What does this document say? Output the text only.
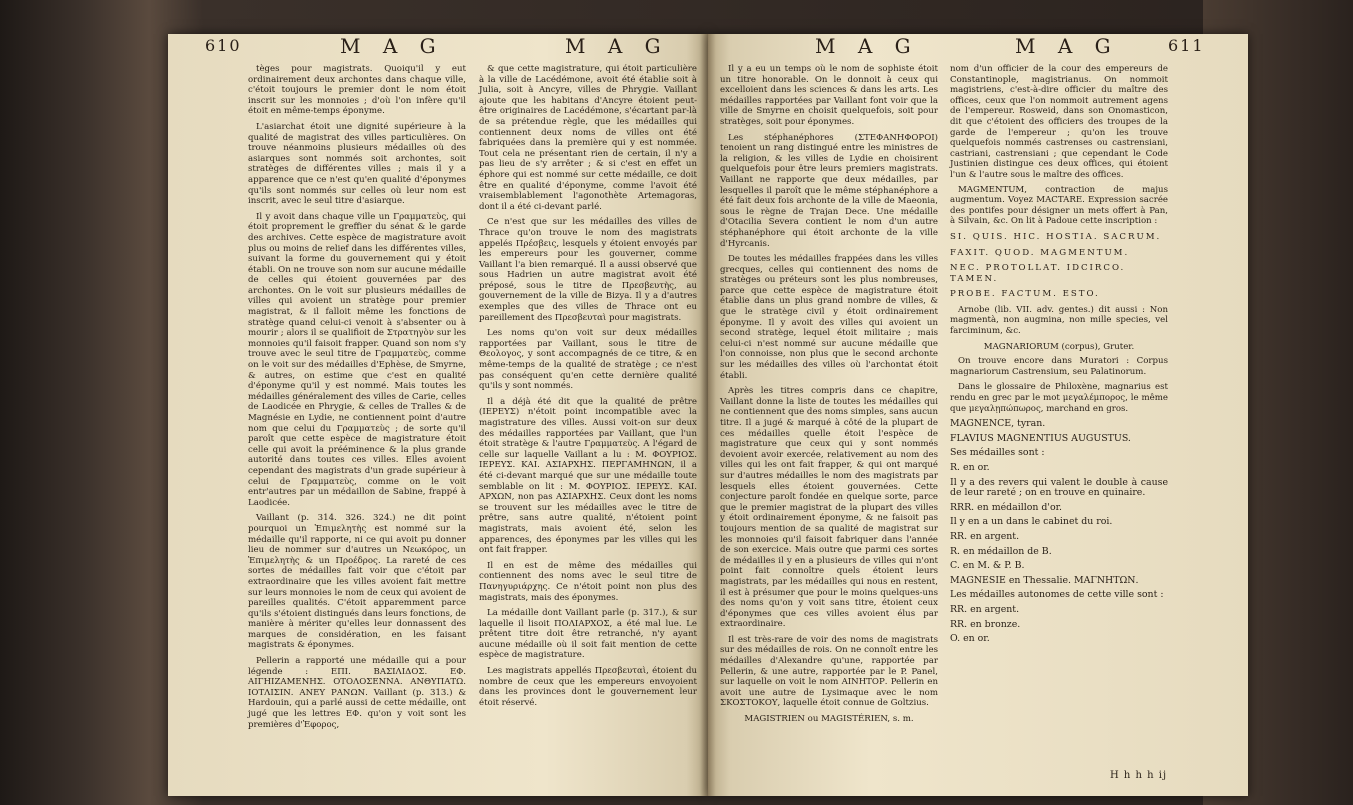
610	M A G	M A G	M A G	M A G	611

tèges pour magistrats. Quoiqu'il y eut ordinairement deux archontes dans chaque ville, c'étoit toujours le premier dont le nom étoit inscrit sur les monnoies ; d'où l'on infère qu'il étoit en même-temps éponyme.

L'asiarchat étoit une dignité supérieure à la qualité de magistrat des villes particulières. On trouve néanmoins plusieurs médailles où des asiarques sont nommés soit archontes, soit stratèges de différentes villes ; mais il y a apparence que ce n'est qu'en qualité d'éponymes qu'ils sont nommés sur celles où leur nom est inscrit, avec le seul titre d'asiarque.

Il y avoit dans chaque ville un Γραμματεὺς, qui étoit proprement le greffier du sénat & le garde des archives. Cette espèce de magistrature avoit plus ou moins de relief dans les différentes villes, suivant la forme du gouvernement qui y étoit établi. On ne trouve son nom sur aucune médaille de celles qui étoient gouvernées par des archontes. On le voit sur plusieurs médailles de villes qui avoient un stratège pour premier magistrat, & il falloit même les fonctions de stratège quand celui-ci venoit à s'absenter ou à mourir ; alors il se qualifioit de Στρατηγὸν sur les monnoies qu'il faisoit frapper. Quand son nom s'y trouve avec le seul titre de Γραμματεὺς, comme on le voit sur des médailles d'Ephèse, de Smyrne, & autres, on estime que c'est en qualité d'éponyme qu'il y est nommé. Mais toutes les médailles généralement des villes de Carie, celles de Laodicée en Phrygie, & celles de Tralles & de Magnésie en Lydie, ne contiennent point d'autre nom que celui du Γραμματεὺς ; de sorte qu'il paroît que cette espèce de magistrature étoit celle qui avoit la prééminence & la plus grande autorité dans toutes ces villes. Elles avoient cependant des magistrats d'un grade supérieur à celui de Γραμματεὺς, comme on le voit entr'autres par un médaillon de Sabine, frappé à Laodicée.

Vaillant (p. 314. 326. 324.) ne dit point pourquoi un Ἐπιμελητὴς est nommé sur la médaille qu'il rapporte, ni ce qui avoit pu donner lieu de nommer sur d'autres un Νεωκόρος, un Ἐπιμελητὴς & un Προέδρος. La rareté de ces sortes de médailles fait voir que c'étoit par extraordinaire que les villes avoient fait mettre sur leurs monnoies le nom de ceux qui avoient de pareilles qualités. C'étoit apparemment parce qu'ils s'étoient distingués dans leurs fonctions, de manière à mériter qu'elles leur donnassent des marques de considération, en les faisant magistrats & éponymes.

Pellerin a rapporté une médaille qui a pour légende : ΕΠΙ. ΒΑΣΙΛΙΔΟΣ. ΕΦ. ΑΙΓΗΙΖΑΜΕΝΗΣ. ΟΤΟΛΟΣΕΝΝΑ. ΑΝΘΥΠΑΤΩ. ΙΟΤΛΙΣΙΝ. ΑΝΕΥ ΡΑΝΩΝ. Vaillant (p. 313.) & Hardouin, qui a parlé aussi de cette médaille, ont jugé que les lettres ΕΦ. qu'on y voit sont les premières d'Ἐφορος,

& que cette magistrature, qui étoit particulière à la ville de Lacédémone, avoit été établie soit à Julia, soit à Ancyre, villes de Phrygie. Vaillant ajoute que les habitans d'Ancyre étoient peut-être originaires de Lacédémone, s'écartant par-là de sa prétendue règle, que les médailles qui contiennent deux noms de villes ont été fabriquées dans la première qui y est nommée. Tout cela ne présentant rien de certain, il n'y a pas lieu de s'y arrêter ; & si c'est en effet un éphore qui est nommé sur cette médaille, ce doit être en qualité d'éponyme, comme l'avoit été vraisemblablement l'agonothète Artemagoras, dont il a été ci-devant parlé.

Ce n'est que sur les médailles des villes de Thrace qu'on trouve le nom des magistrats appelés Πρέσβεις, lesquels y étoient envoyés par les empereurs pour les gouverner, comme Vaillant l'a bien remarqué. Il a aussi observé que sous Hadrien un autre magistrat avoit été préposé, sous le titre de Πρεσβευτὴς, au gouvernement de la ville de Bizya. Il y a d'autres exemples que des villes de Thrace ont eu pareillement des Πρεσβευταὶ pour magistrats.

Les noms qu'on voit sur deux médailles rapportées par Vaillant, sous le titre de Θεολογος, y sont accompagnés de ce titre, & en même-temps de la qualité de stratège ; ce n'est pas conséquent qu'en cette dernière qualité qu'ils y sont nommés.

Il a déjà été dit que la qualité de prêtre (ΙΕΡΕΥΣ) n'étoit point incompatible avec la magistrature des villes. Aussi voit-on sur deux des médailles rapportées par Vaillant, que l'un étoit stratège & l'autre Γραμματεὺς. A l'égard de celle sur laquelle Vaillant a lu : Μ. ΦΟΥΡΙΟΣ. ΙΕΡΕΥΣ. ΚΑΙ. ΑΣΙΑΡΧΗΣ. ΠΕΡΓΑΜΗΝΩΝ, il a été ci-devant marqué que sur une médaille toute semblable on lit : Μ. ΦΟΥΡΙΟΣ. ΙΕΡΕΥΣ. ΚΑΙ. ΑΡΧΩΝ, non pas ΑΣΙΑΡΧΗΣ. Ceux dont les noms se trouvent sur les médailles avec le titre de prêtre, sans autre qualité, n'étoient point magistrats, mais avoient été, selon les apparences, des éponymes par les villes qui les ont fait frapper.

Il en est de même des médailles qui contiennent des noms avec le seul titre de Πανηγυριάρχης. Ce n'étoit point non plus des magistrats, mais des éponymes.

La médaille dont Vaillant parle (p. 317.), & sur laquelle il lisoit ΠΟΛΙΑΡΧΟΣ, a été mal lue. Le prêtent titre doit être retranché, n'y ayant aucune médaille où il soit fait mention de cette espèce de magistrature.

Les magistrats appellés Πρεσβευταὶ, étoient du nombre de ceux que les empereurs envoyoient dans les provinces dont le gouvernement leur étoit réservé.

Il y a eu un temps où le nom de sophiste étoit un titre honorable. On le donnoit à ceux qui excelloient dans les sciences & dans les arts. Les médailles rapportées par Vaillant font voir que la ville de Smyrne en choisit quelquefois, soit pour stratèges, soit pour éponymes.

Les stéphanéphores (ΣΤΕΦΑΝΗΦΟΡΟΙ) tenoient un rang distingué entre les ministres de la religion, & les villes de Lydie en choisirent quelquefois pour être leurs premiers magistrats. Vaillant ne rapporte que deux médailles, par lesquelles il paroît que le même stéphanéphore a été fait deux fois archonte de la ville de Maeonia, sous le règne de Trajan Dece. Une médaille d'Otacilia Severa contient le nom d'un autre stéphanéphore qui étoit archonte de la ville d'Hyrcanis.

De toutes les médailles frappées dans les villes grecques, celles qui contiennent des noms de stratèges ou préteurs sont les plus nombreuses, parce que cette espèce de magistrature étoit établie dans un plus grand nombre de villes, & que le stratège civil y étoit ordinairement éponyme. Il y avoit des villes qui avoient un second stratège, lequel étoit militaire ; mais celui-ci n'est nommé sur aucune médaille que l'on connoisse, non plus que le second archonte sur les médailles des villes où l'archontat étoit établi.

Après les titres compris dans ce chapitre, Vaillant donne la liste de toutes les médailles qui ne contiennent que des noms simples, sans aucun titre. Il a jugé & marqué à côté de la plupart de ces médailles quelle étoit l'espèce de magistrature que ceux qui y sont nommés devoient avoir exercée, relativement au nom des villes qui les ont fait frapper, & qui ont marqué sur d'autres médailles le nom des magistrats par lesquels elles étoient gouvernées. Cette conjecture paroît fondée en quelque sorte, parce que le premier magistrat de la plupart des villes y étoit ordinairement éponyme, & ne faisoit pas toujours mention de sa qualité de magistrat sur les monnoies qu'il faisoit fabriquer dans l'année de son exercice. Mais outre que parmi ces sortes de médailles il y en a plusieurs de villes qui n'ont point fait connoître quels étoient leurs magistrats, par les médailles qui nous en restent, il est à présumer que pour le moins quelques-uns des noms qu'on y voit sans titre, étoient ceux d'éponymes que ces villes avoient élus par extraordinaire.

Il est très-rare de voir des noms de magistrats sur des médailles de rois. On ne connoît entre les médailles d'Alexandre qu'une, rapportée par Pellerin, & une autre, rapportée par le P. Panel, sur laquelle on voit le nom ΑΙΝΗΤΟΡ. Pellerin en avoit une autre de Lysimaque avec le nom ΣΚΟΣΤΟΚΟΥ, laquelle étoit connue de Goltzius.

MAGISTRIEN ou MAGISTÉRIEN, s. m.

nom d'un officier de la cour des empereurs de Constantinople, magistrianus. On nommoit magistriens, c'est-à-dire officier du maître des offices, ceux que l'on nommoit autrement agens de l'empereur. Rosweid, dans son Onomasticon, dit que c'étoient des officiers des troupes de la garde de l'empereur ; qu'on les trouve quelquefois nommés castrenses ou castrensiani, castriani, castrensiani ; que cependant le Code Justinien distingue ces deux offices, qui étoient l'un & l'autre sous le maître des offices.

MAGMENTUM, contraction de majus augmentum. Voyez MACTARE. Expression sacrée des pontifes pour désigner un mets offert à Pan, à Silvain, &c. On lit à Padoue cette inscription :

SI. QUIS. HIC. HOSTIA. SACRUM.

FAXIT. QUOD. MAGMENTUM.

NEC. PROTOLLAT. IDCIRCO. TAMEN.

PROBE. FACTUM. ESTO.

Arnobe (lib. VII. adv. gentes.) dit aussi : Non magmentà, non augmina, non mille species, vel farciminum, &c.

MAGNARIORUM (corpus), Gruter.

On trouve encore dans Muratori : Corpus magnariorum Castrensium, seu Palatinorum.

Dans le glossaire de Philoxène, magnarius est rendu en grec par le mot μεγαλέμπορος, le même que μεγαλῃπώπωρος, marchand en gros.

MAGNENCE, tyran.

FLAVIUS MAGNENTIUS AUGUSTUS.

Ses médailles sont :

R. en or.

Il y a des revers qui valent le double à cause de leur rareté ; on en trouve en quinaire.

RRR. en médaillon d'or.

Il y en a un dans le cabinet du roi.

RR. en argent.

R. en médaillon de B.

C. en M. & P. B.

MAGNESIE en Thessalie. ΜΑΓΝΗΤΩΝ.

Les médailles autonomes de cette ville sont :

RR. en argent.

RR. en bronze.

O. en or.

H h h h ij
